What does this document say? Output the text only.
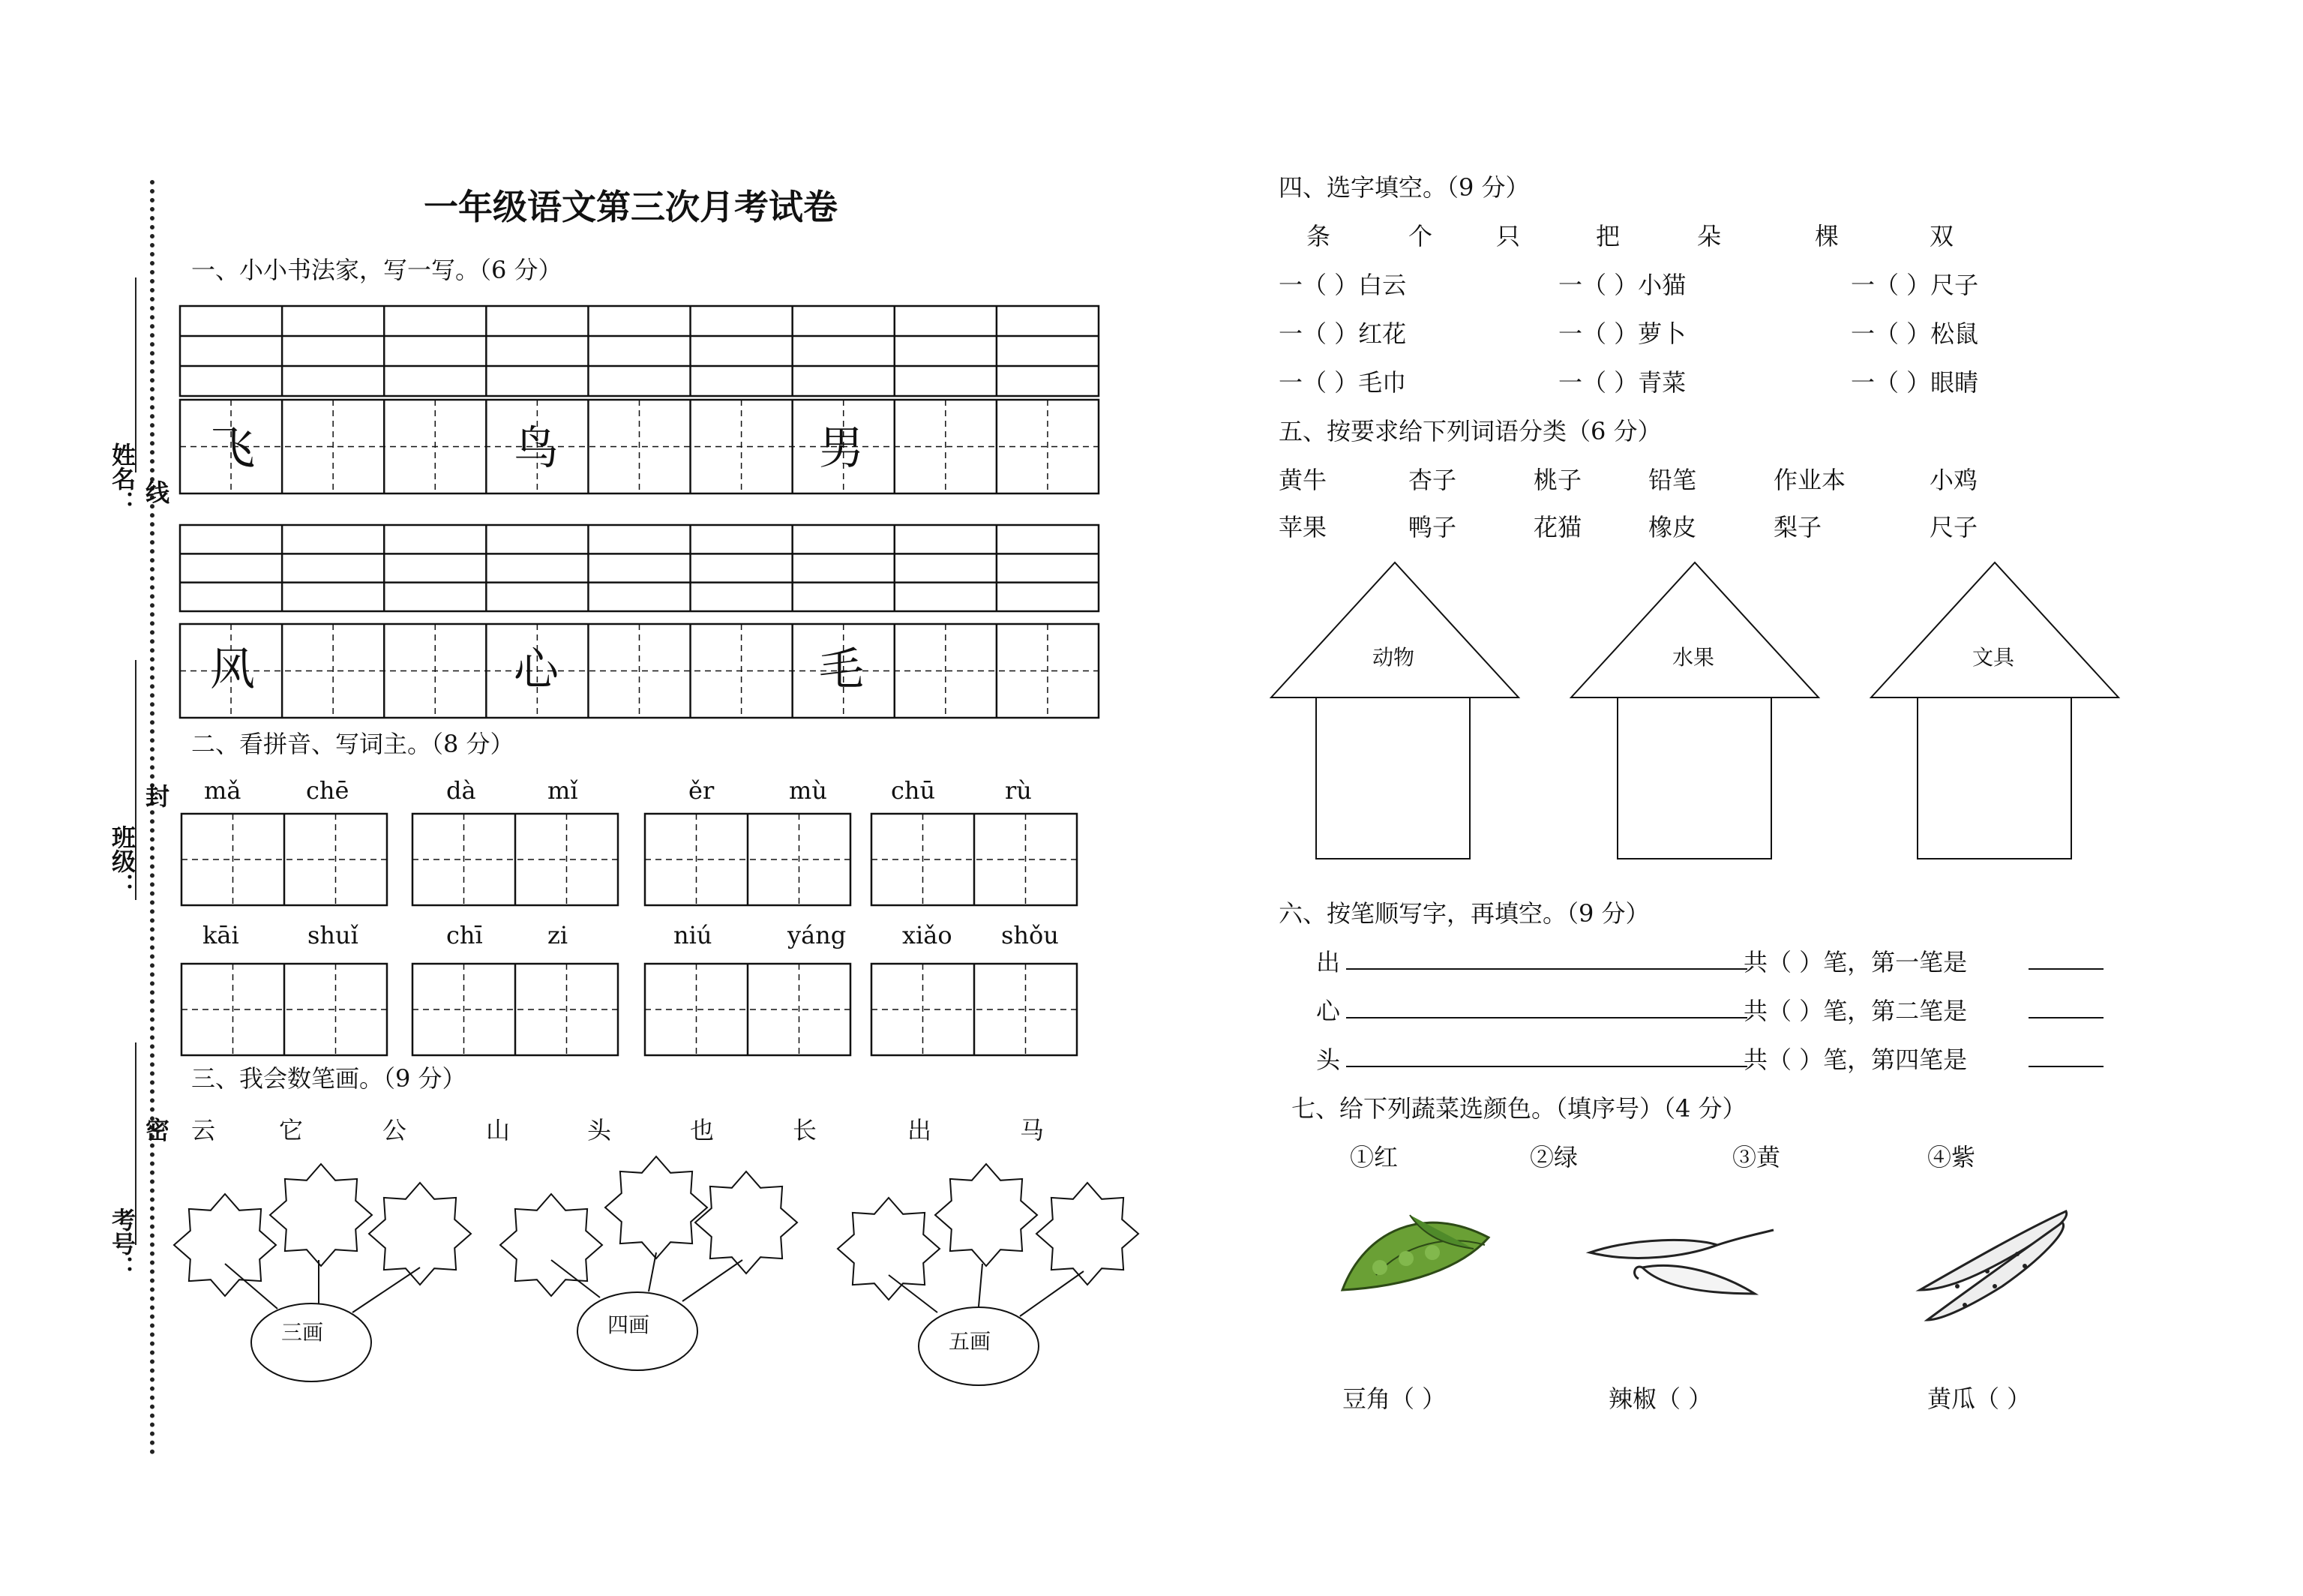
姓名：
班级：
考号：
线
封
密
一年级语文第三次月考试卷
一、小小书法家，写一写。（6 分）
飞	鸟	男
风	心	毛
二、看拼音、写词主。（8 分）
mǎ	chē	dà	mǐ	ěr	mù	chū	rù
kāi	shuǐ	chī	zi	niú	yáng xiǎo shǒu
三、我会数笔画。（9 分）
云	它	公	山	头	也	长	出	马
三画	四画
五画
四、选字填空。（9 分）
条	个	只	把	朵	棵	双
一（ ）白云	一（ ）小猫	一（ ）尺子
一（ ）红花	一（ ）萝卜	一（ ）松鼠
一（ ）毛巾	一（ ）青菜	一（ ）眼睛
五、按要求给下列词语分类（6 分）
黄牛	杏子	桃子	铅笔	作业本	小鸡
苹果	鸭子	花猫	橡皮	梨子	尺子
动物	水果	文具
六、按笔顺写字，再填空。（9 分）
出	共（ ）笔，第一笔是
心	共（ ）笔，第二笔是
头	共（ ）笔，第四笔是
七、给下列蔬菜选颜色。（填序号）（4 分）
①红	②绿	③黄	④紫
豆角（ ）	辣椒（ ）	黄瓜（ ）
